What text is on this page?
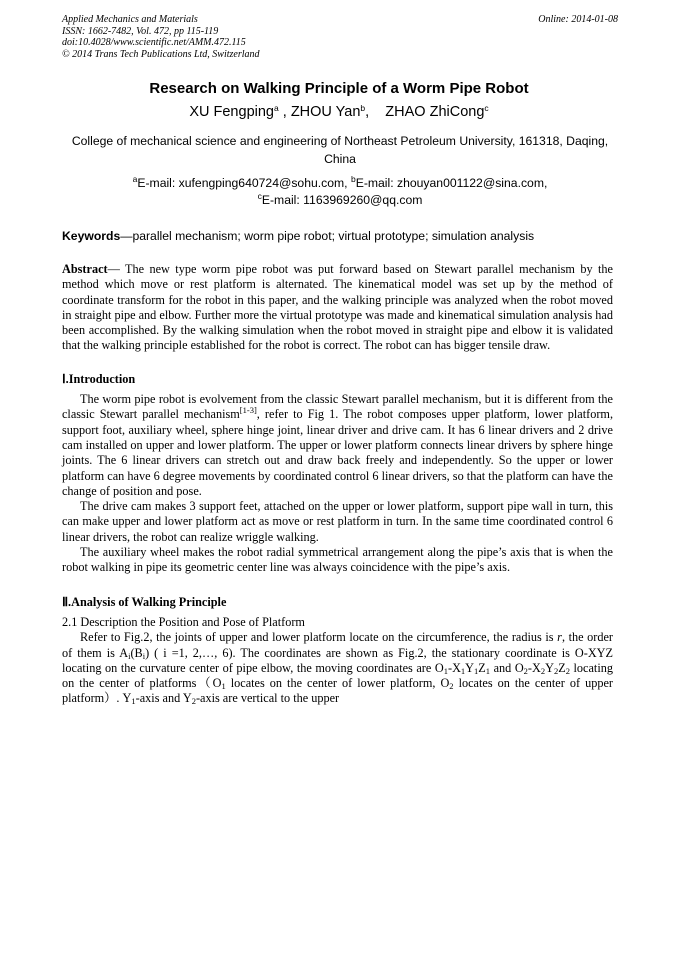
Applied Mechanics and Materials	Online: 2014-01-08
ISSN: 1662-7482, Vol. 472, pp 115-119
doi:10.4028/www.scientific.net/AMM.472.115
© 2014 Trans Tech Publications Ltd, Switzerland
Research on Walking Principle of a Worm Pipe Robot
XU Fengping$^a$ , ZHOU Yan$^b$,    ZHAO ZhiCong$^c$
College of mechanical science and engineering of Northeast Petroleum University, 161318, Daqing, China
$^a$E-mail: xufengping640724@sohu.com, $^b$E-mail: zhouyan001122@sina.com,
$^c$E-mail: 1163969260@qq.com
Keywords—parallel mechanism; worm pipe robot; virtual prototype; simulation analysis

Abstract— The new type worm pipe robot was put forward based on Stewart parallel mechanism by the method which move or rest platform is alternated. The kinematical model was set up by the method of coordinate transform for the robot in this paper, and the walking principle was analyzed when the robot moved in straight pipe and elbow. Further more the virtual prototype was made and kinematical simulation analysis had been accomplished. By the walking simulation when the robot moved in straight pipe and elbow it is validated that the walking principle established for the robot is correct. The robot can has bigger tensile draw.

Ⅰ.Introduction

The worm pipe robot is evolvement from the classic Stewart parallel mechanism, but it is different from the classic Stewart parallel mechanism[1-3], refer to Fig 1. The robot composes upper platform, lower platform, support foot, auxiliary wheel, sphere hinge joint, linear driver and drive cam. It has 6 linear drivers and 2 drive cam installed on upper and lower platform. The upper or lower platform connects linear drivers by sphere hinge joints. The 6 linear drivers can stretch out and draw back freely and independently. So the upper or lower platform can have 6 degree movements by coordinated control 6 linear drivers, so that the platform can have the change of position and pose.

The drive cam makes 3 support feet, attached on the upper or lower platform, support pipe wall in turn, this can make upper and lower platform act as move or rest platform in turn. In the same time coordinated control 6 linear drivers, the robot can realize wriggle walking.

The auxiliary wheel makes the robot radial symmetrical arrangement along the pipe’s axis that is when the robot walking in pipe its geometric center line was always coincidence with the pipe’s axis.

Ⅱ.Analysis of Walking Principle

2.1 Description the Position and Pose of Platform

Refer to Fig.2, the joints of upper and lower platform locate on the circumference, the radius is r, the order of them is $A_i(B_i)$ ( i =1, 2,…, 6). The coordinates are shown as Fig.2, the stationary coordinate is O-XYZ locating on the curvature center of pipe elbow, the moving coordinates are $O_1-X_1Y_1Z_1$ and $O_2-X_2Y_2Z_2$ locating on the center of $platforms(O_1$ locates on the center of lower platform, $O_2$ locates on the center of upper platform）. $Y_1$-axis and $Y_2$-axis are vertical to the upper
